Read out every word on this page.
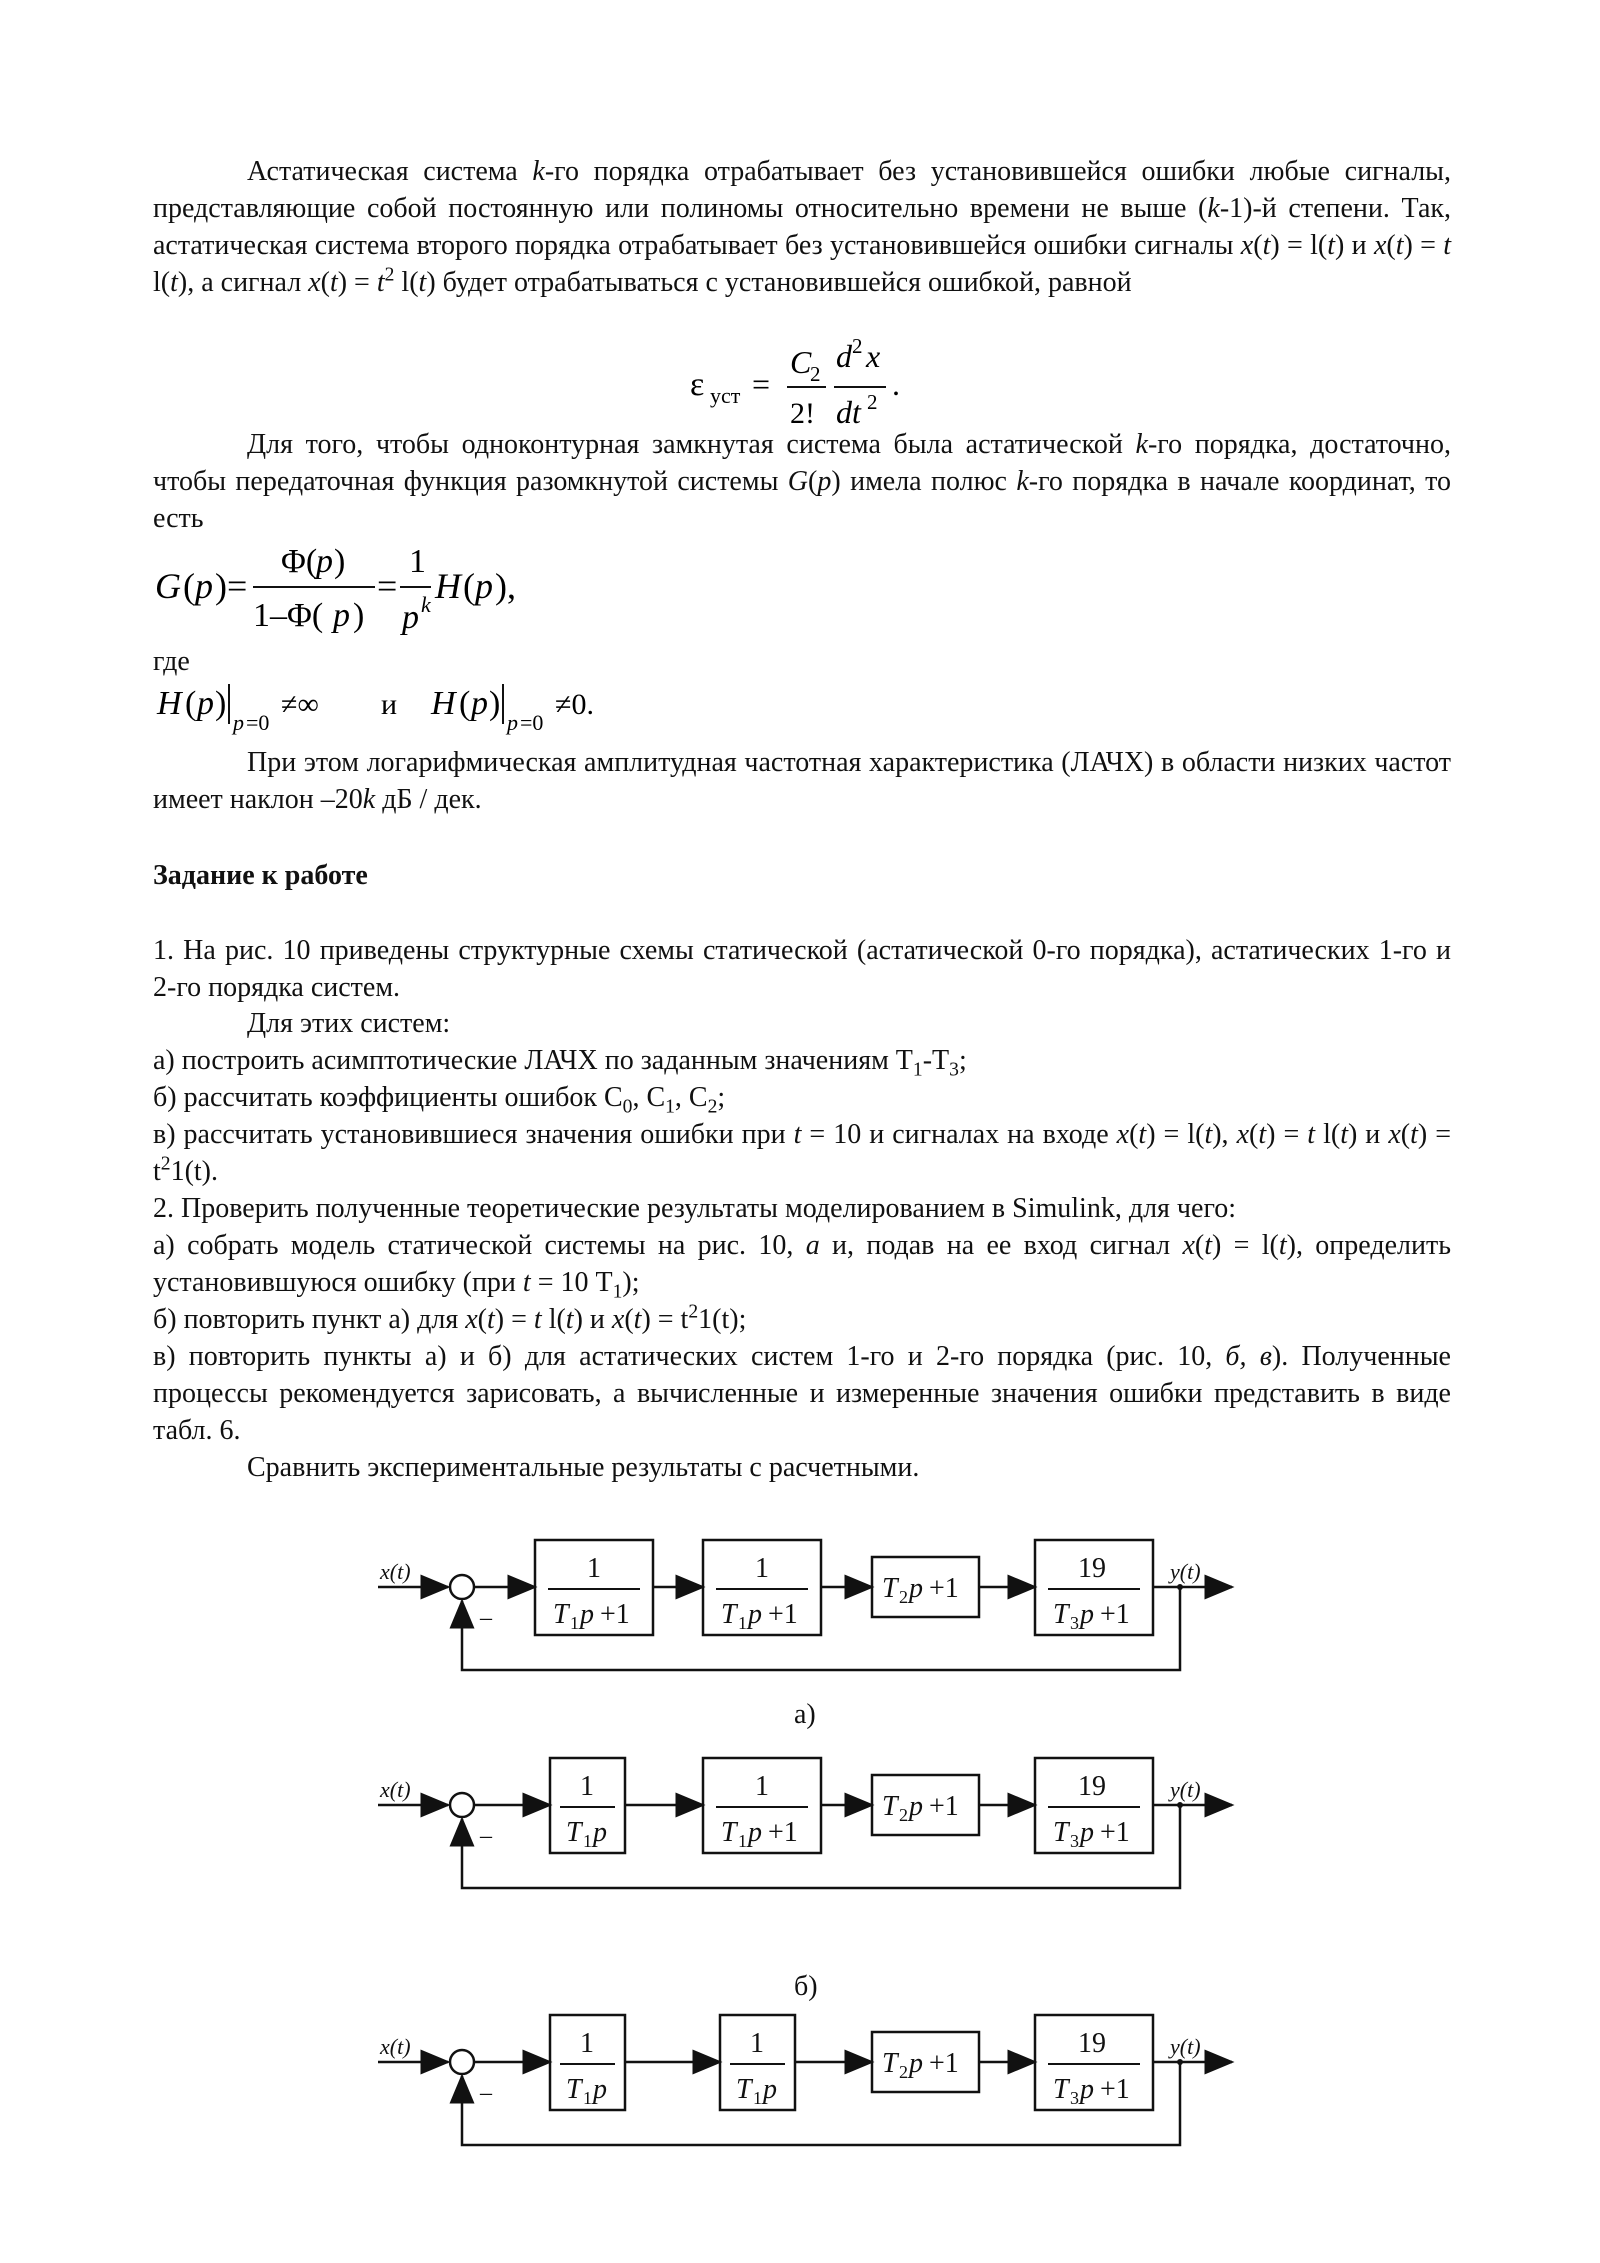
Астатическая система k-го порядка отрабатывает без установившейся ошибки любые сигналы, представляющие собой постоянную или полиномы относительно времени не выше (k-1)-й степени. Так, астатическая система второго порядка отрабатывает без установившейся ошибки сигналы x(t) = l(t) и x(t) = t l(t), а сигнал $x(t) = t^2$ l(t) будет отрабатываться с установившейся ошибкой, равной

ε уст =
C
2
2!
d 2 x
dt 2 .

Для того, чтобы одноконтурная замкнутая система была астатической k-го порядка, достаточно, чтобы передаточная функция разомкнутой системы G(p) имела полюс k-го порядка в начале координат, то есть

G ( p )=
Φ(
p )
1–Φ( p )
=
1
p k H ( p ),

где

H ( p )
p =0
≠∞ и H ( p )
p =0
≠0.

При этом логарифмическая амплитудная частотная характеристика (ЛАЧХ) в области низких частот имеет наклон –20k дБ / дек.

Задание к работе

1. На рис. 10 приведены структурные схемы статической (астатической 0-го порядка), астатических 1-го и 2-го порядка систем.

Для этих систем:

а) построить асимптотические ЛАЧХ по заданным значениям $Т_1-Т_3$;

б) рассчитать коэффициенты ошибок $С_0$, $С_1$, $С_2$;

в) рассчитать установившиеся значения ошибки при t = 10 и сигналах на входе x(t) = l(t), x(t) = t l(t) и $x(t) = t^21(t)$.

2. Проверить полученные теоретические результаты моделированием в Simulink, для чего:

а) собрать модель статической системы на рис. 10, а и, подав на ее вход сигнал x(t) = l(t), определить установившуюся ошибку (при t = 10 $Т_1$);

б) повторить пункт а) для x(t) = t l(t) и $x(t) = t^21(t)$;

в) повторить пункты а) и б) для астатических систем 1-го и 2-го порядка (рис. 10, б, в). Полученные процессы рекомендуется зарисовать, а вычисленные и измеренные значения ошибки представить в виде табл. 6.

Сравнить экспериментальные результаты с расчетными.

x(t)
–
1
T 1 p +1
1
T 1 p +1
T 2 p +1
19
T 3 p +1
y(t)

а)

x(t)
–
1
T 1 p
1
T 1 p +1
T 2 p +1
19
T 3 p +1
y(t)

б)

x(t)
–
1
T 1 p
1
T 1 p
T 2 p +1
19
T 3 p +1
y(t)
